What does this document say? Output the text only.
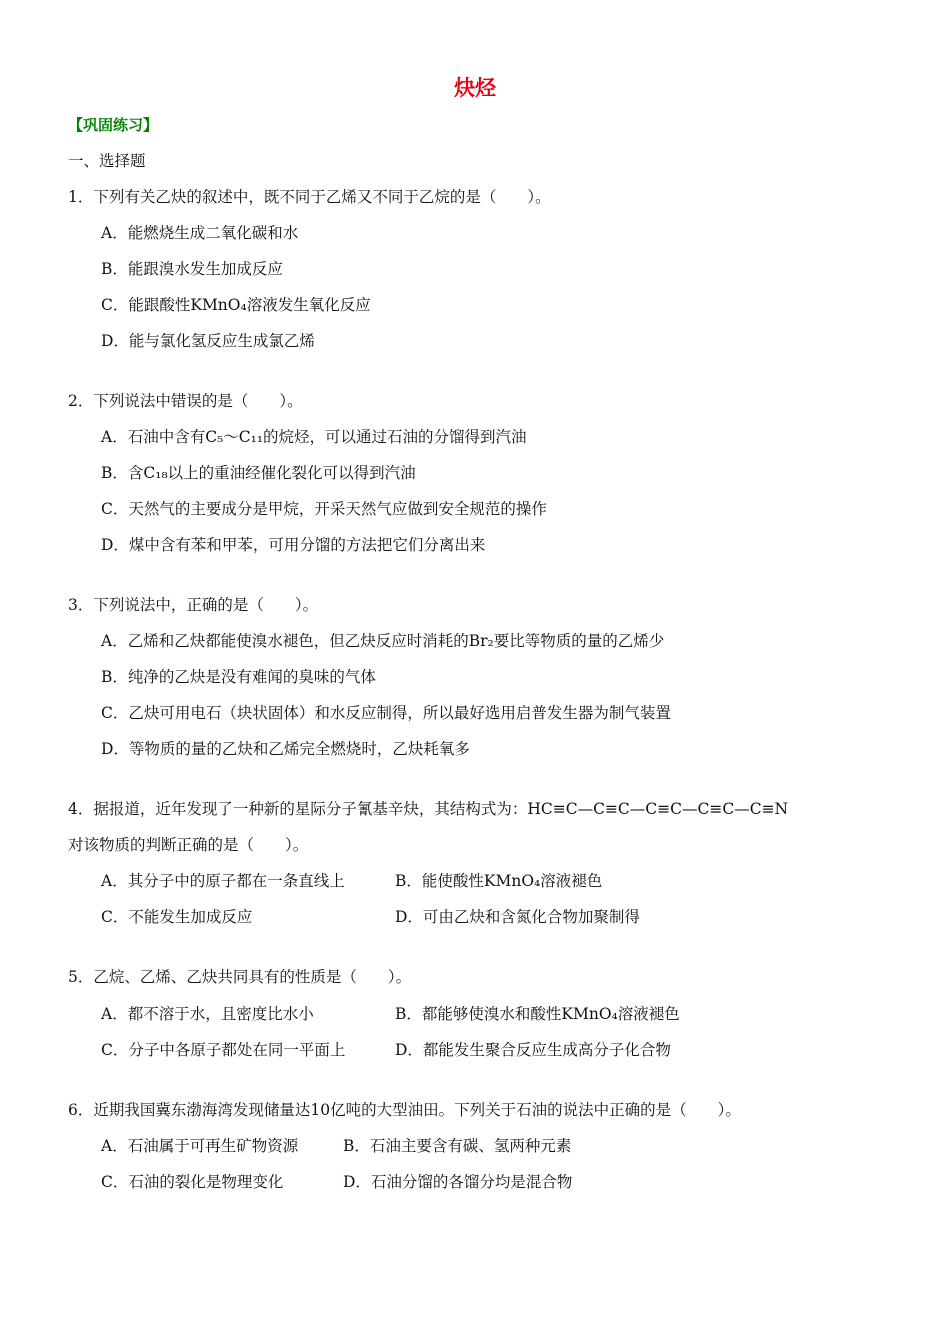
炔烃
【巩固练习】
一、选择题
1．下列有关乙炔的叙述中，既不同于乙烯又不同于乙烷的是（　　）。
A．能燃烧生成二氧化碳和水
B．能跟溴水发生加成反应
C．能跟酸性KMnO₄溶液发生氧化反应
D．能与氯化氢反应生成氯乙烯
2．下列说法中错误的是（　　）。
A．石油中含有C₅～C₁₁的烷烃，可以通过石油的分馏得到汽油
B．含C₁₈以上的重油经催化裂化可以得到汽油
C．天然气的主要成分是甲烷，开采天然气应做到安全规范的操作
D．煤中含有苯和甲苯，可用分馏的方法把它们分离出来
3．下列说法中，正确的是（　　）。
A．乙烯和乙炔都能使溴水褪色，但乙炔反应时消耗的Br₂要比等物质的量的乙烯少
B．纯净的乙炔是没有难闻的臭味的气体
C．乙炔可用电石（块状固体）和水反应制得，所以最好选用启普发生器为制气装置
D．等物质的量的乙炔和乙烯完全燃烧时，乙炔耗氧多
4．据报道，近年发现了一种新的星际分子氰基辛炔，其结构式为：HC≡C—C≡C—C≡C—C≡C—C≡N
对该物质的判断正确的是（　　）。
A．其分子中的原子都在一条直线上	B．能使酸性KMnO₄溶液褪色
C．不能发生加成反应	D．可由乙炔和含氮化合物加聚制得
5．乙烷、乙烯、乙炔共同具有的性质是（　　）。
A．都不溶于水，且密度比水小	B．都能够使溴水和酸性KMnO₄溶液褪色
C．分子中各原子都处在同一平面上	D．都能发生聚合反应生成高分子化合物
6．近期我国冀东渤海湾发现储量达10亿吨的大型油田。下列关于石油的说法中正确的是（　　）。
A．石油属于可再生矿物资源	B．石油主要含有碳、氢两种元素
C．石油的裂化是物理变化	D．石油分馏的各馏分均是混合物
